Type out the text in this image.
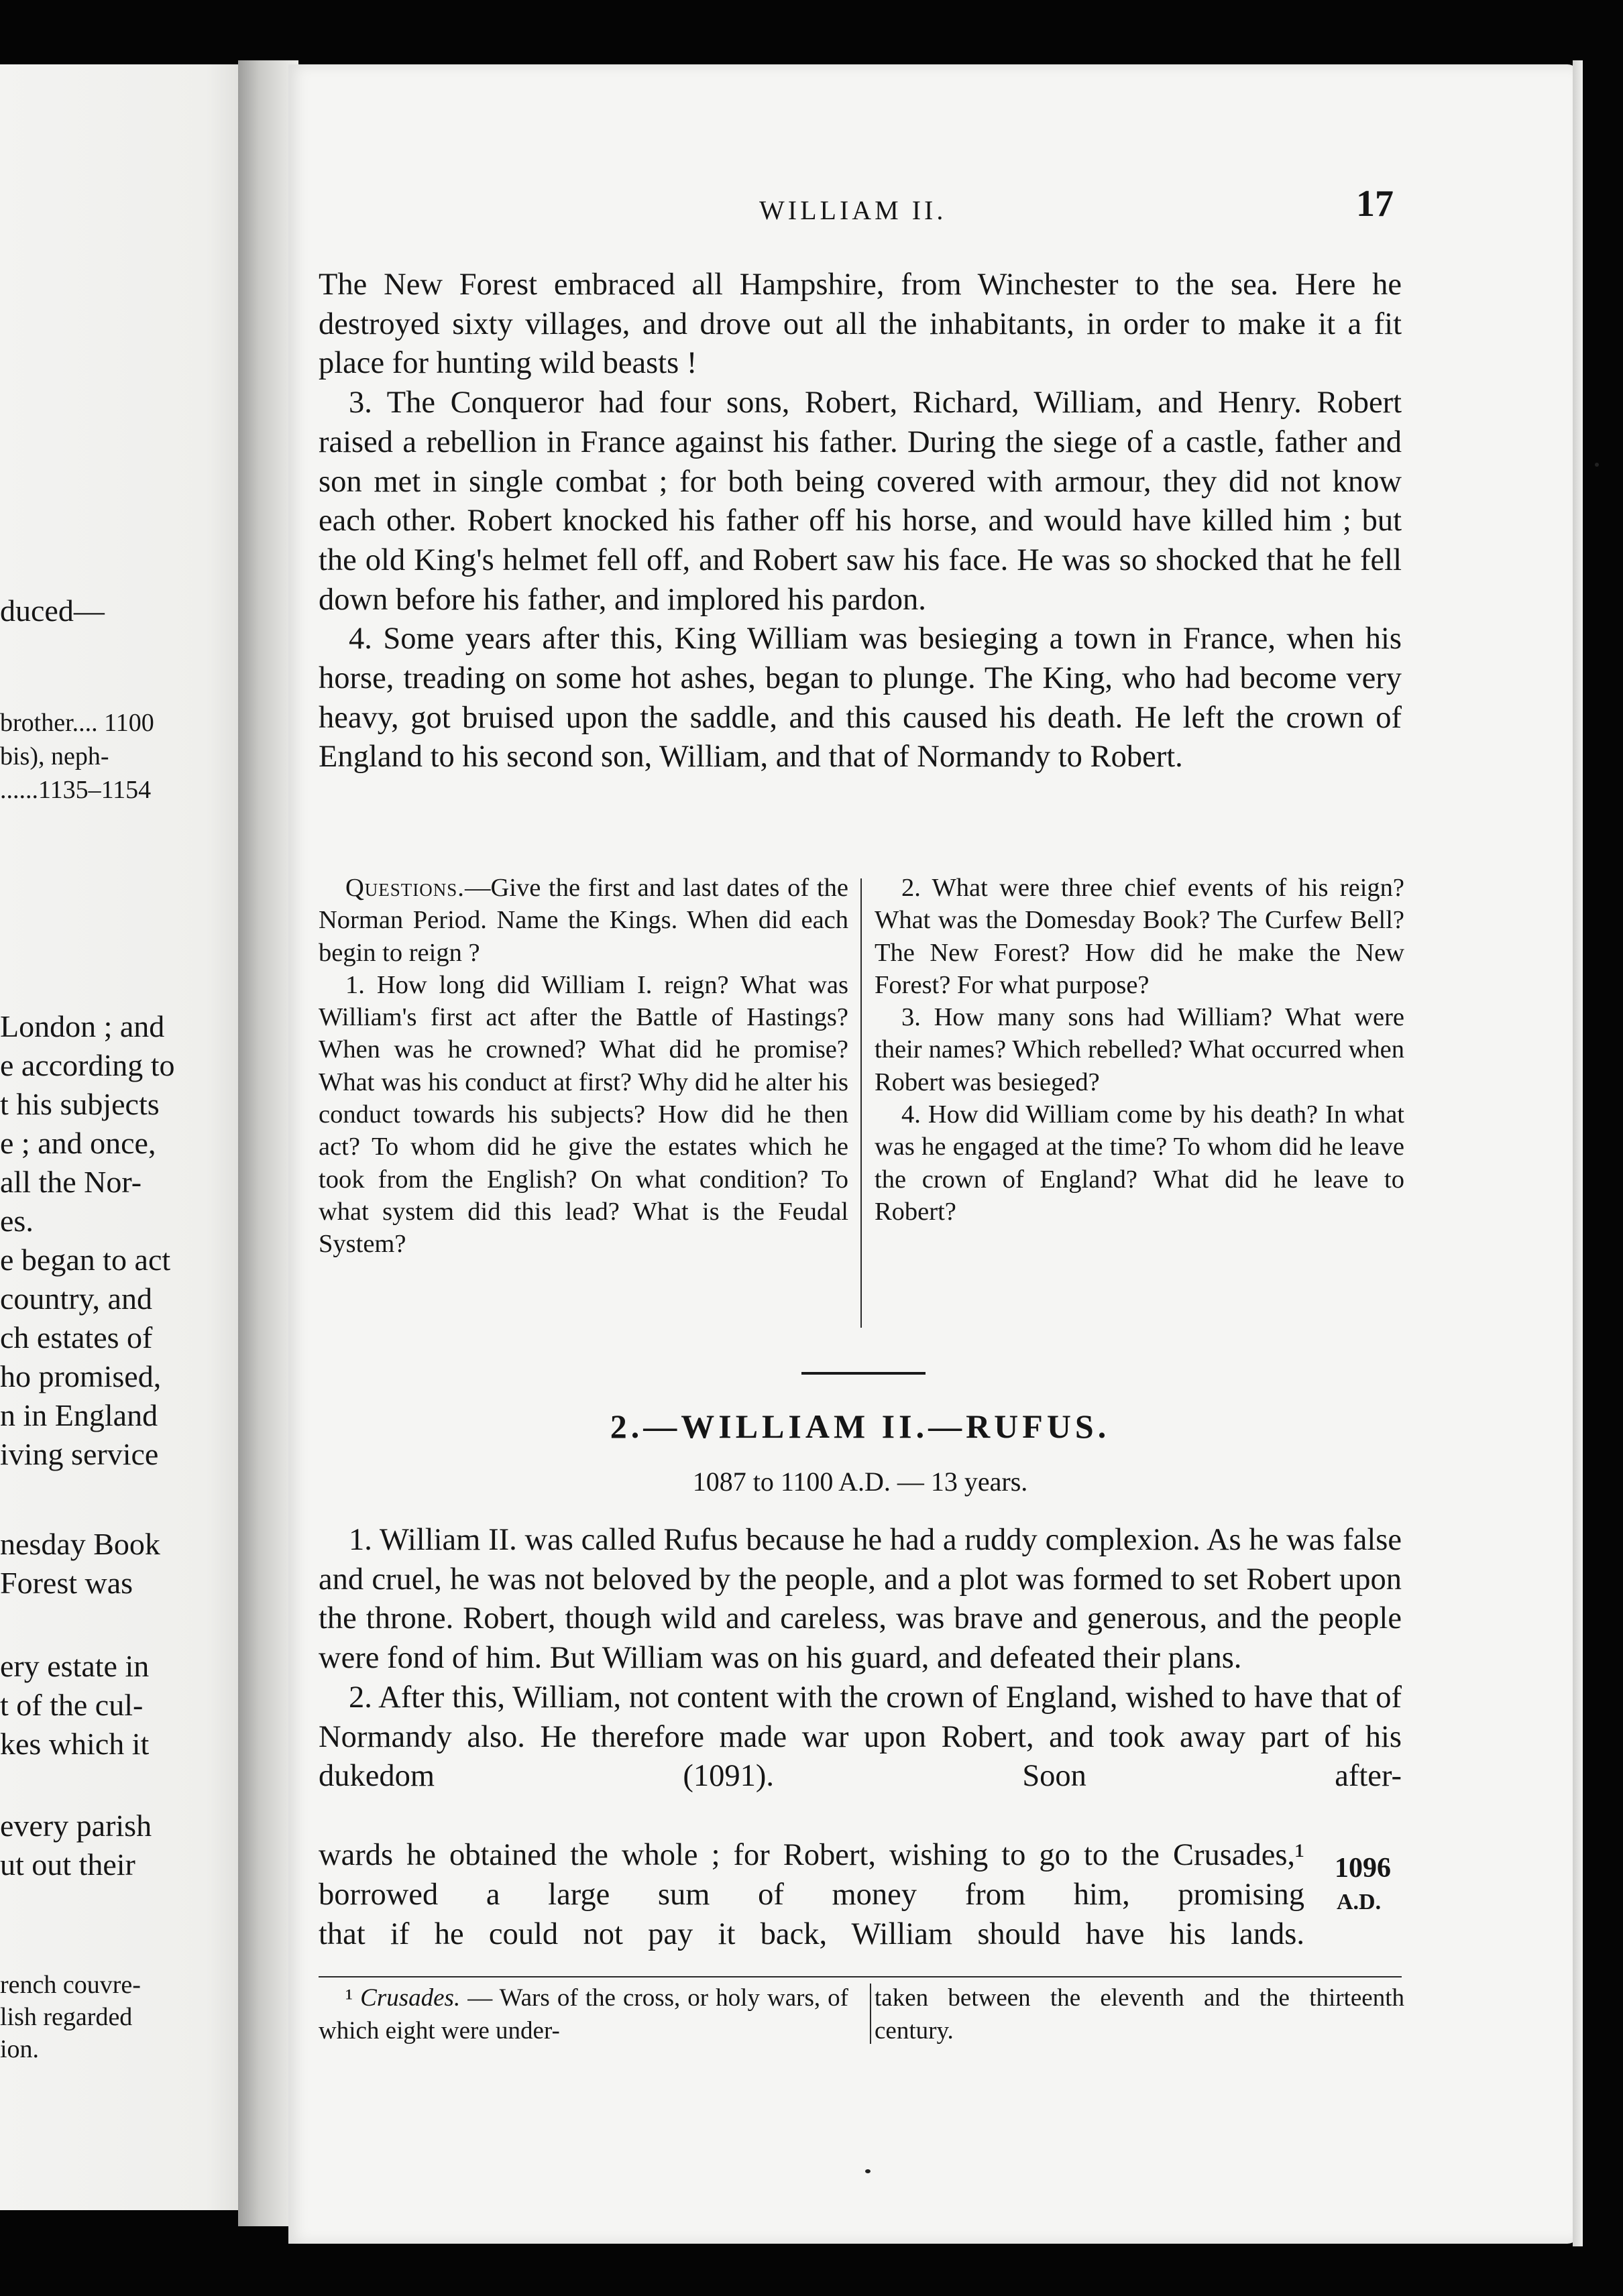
duced—
brother.... 1100
bis), neph-
......1135–1154
London ; and
e according to
t his subjects
e ; and once,
all the Nor-
es.
e began to act
country, and
ch estates of
ho promised,
n in England
iving service
nesday Book
Forest was
ery estate in
t of the cul-
kes which it
every parish
ut out their
rench couvre-
lish regarded
ion.
WILLIAM II.	17

The New Forest embraced all Hampshire, from Winchester to the sea. Here he destroyed sixty villages, and drove out all the inhabitants, in order to make it a fit place for hunting wild beasts !

3. The Conqueror had four sons, Robert, Richard, William, and Henry. Robert raised a rebellion in France against his father. During the siege of a castle, father and son met in single combat ; for both being covered with armour, they did not know each other. Robert knocked his father off his horse, and would have killed him ; but the old King's helmet fell off, and Robert saw his face. He was so shocked that he fell down before his father, and implored his pardon.

4. Some years after this, King William was besieging a town in France, when his horse, treading on some hot ashes, began to plunge. The King, who had become very heavy, got bruised upon the saddle, and this caused his death. He left the crown of England to his second son, William, and that of Normandy to Robert.

Questions.—Give the first and last dates of the Norman Period. Name the Kings. When did each begin to reign ?

1. How long did William I. reign? What was William's first act after the Battle of Hastings? When was he crowned? What did he promise? What was his conduct at first? Why did he alter his conduct towards his subjects? How did he then act? To whom did he give the estates which he took from the English? On what condition? To what system did this lead? What is the Feudal System?

2. What were three chief events of his reign? What was the Domesday Book? The Curfew Bell? The New Forest? How did he make the New Forest? For what purpose?

3. How many sons had William? What were their names? Which rebelled? What occurred when Robert was besieged?

4. How did William come by his death? In what was he engaged at the time? To whom did he leave the crown of England? What did he leave to Robert?

2.—WILLIAM II.—RUFUS.
1087 to 1100 A.D. — 13 years.

1. William II. was called Rufus because he had a ruddy complexion. As he was false and cruel, he was not beloved by the people, and a plot was formed to set Robert upon the throne. Robert, though wild and careless, was brave and generous, and the people were fond of him. But William was on his guard, and defeated their plans.

2. After this, William, not content with the crown of England, wished to have that of Normandy also. He therefore made war upon Robert, and took away part of his dukedom (1091). Soon after-

wards he obtained the whole ; for Robert, wishing to go to the Crusades,¹ borrowed a large sum of money from him, promising

that if he could not pay it back, William should have his lands.

1096
A.D.
¹ Crusades. — Wars of the cross, or holy wars, of which eight were under-
taken between the eleventh and the thirteenth century.
